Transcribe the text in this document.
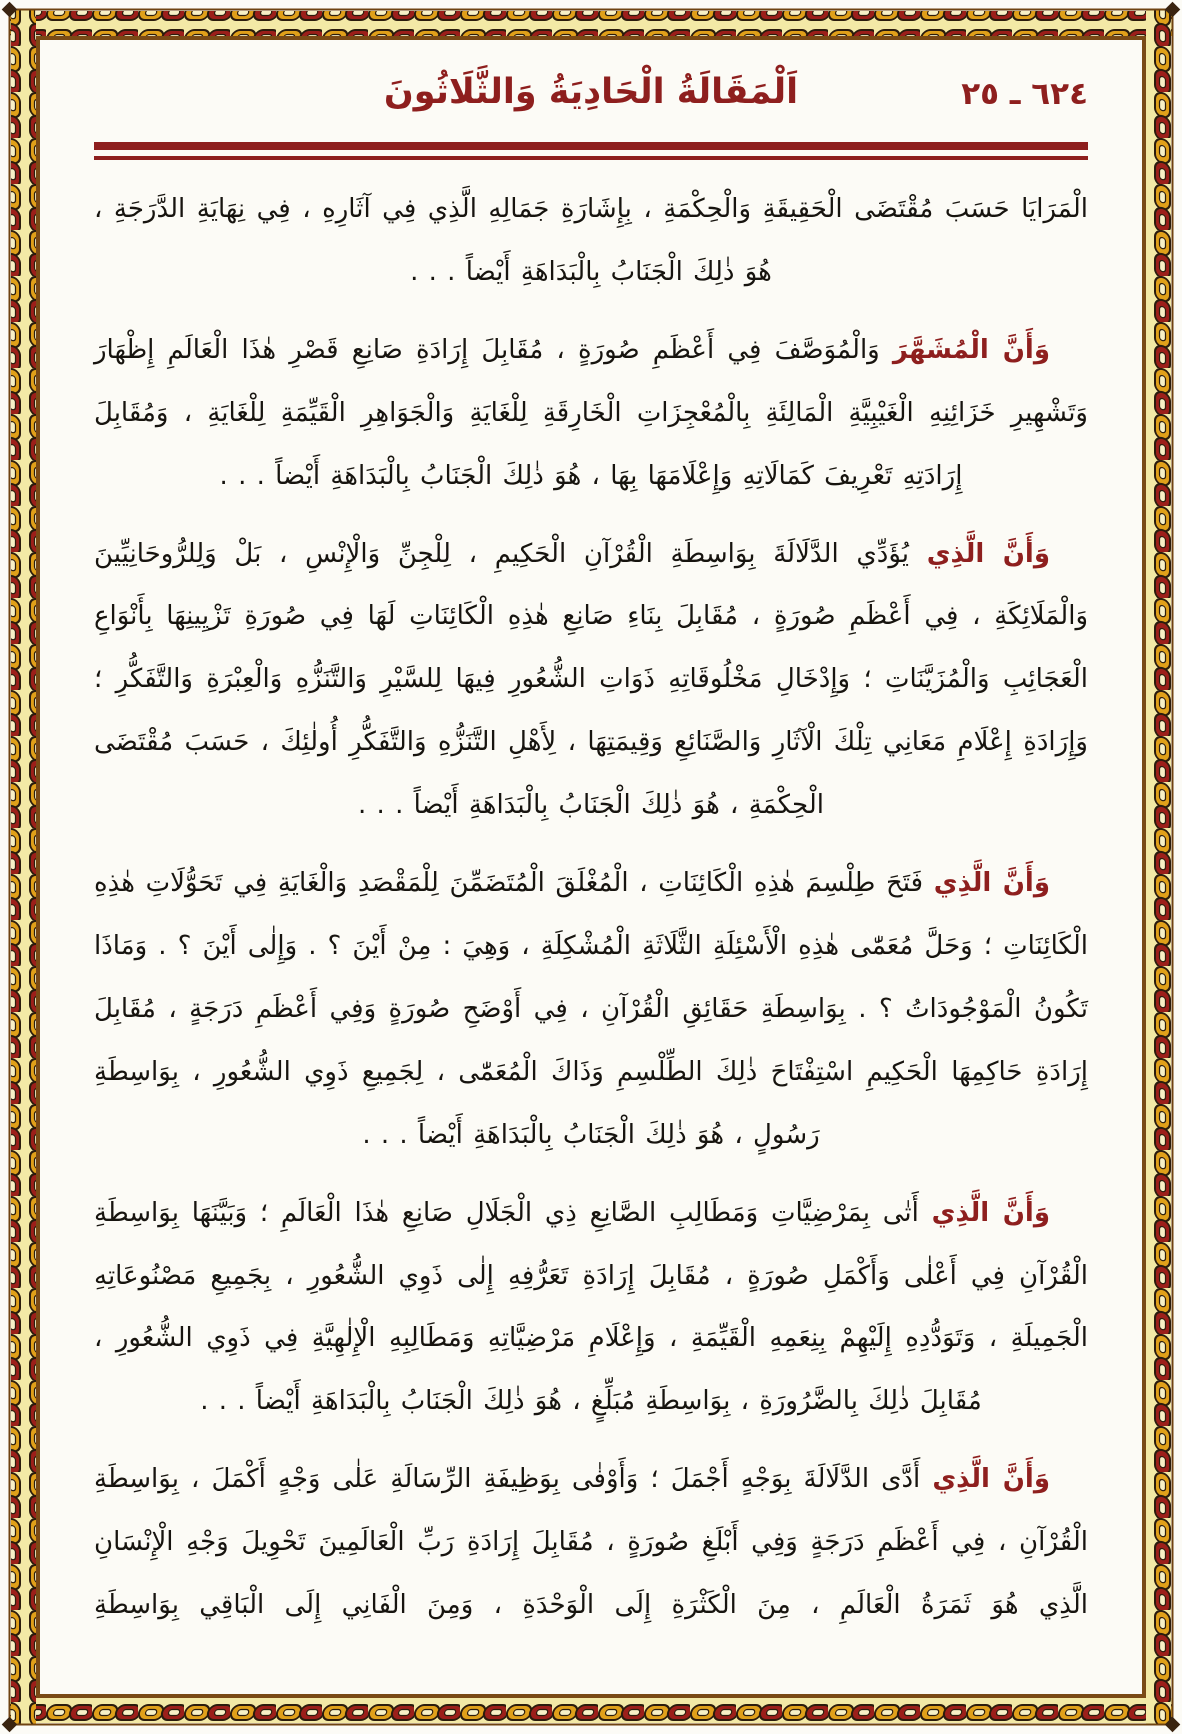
اَلْمَقَالَةُ الْحَادِيَةُ وَالثَّلَاثُونَ	٦٢٤ ـ ٢٥

الْمَرَايَا حَسَبَ مُقْتَضَى الْحَقِيقَةِ وَالْحِكْمَةِ ، بِإِشَارَةِ جَمَالِهِ الَّذِي فِي آثَارِهِ ، فِي نِهَايَةِ الدَّرَجَةِ ، هُوَ ذٰلِكَ الْجَنَابُ بِالْبَدَاهَةِ أَيْضاً . . .

وَأَنَّ الْمُشَهَّرَ وَالْمُوَصَّفَ فِي أَعْظَمِ صُورَةٍ ، مُقَابِلَ إِرَادَةِ صَانِعِ قَصْرِ هٰذَا الْعَالَمِ إِظْهَارَ وَتَشْهِيرِ خَزَائِنِهِ الْغَيْبِيَّةِ الْمَالِئَةِ بِالْمُعْجِزَاتِ الْخَارِقَةِ لِلْغَايَةِ وَالْجَوَاهِرِ الْقَيِّمَةِ لِلْغَايَةِ ، وَمُقَابِلَ إِرَادَتِهِ تَعْرِيفَ كَمَالَاتِهِ وَإِعْلَامَهَا بِهَا ، هُوَ ذٰلِكَ الْجَنَابُ بِالْبَدَاهَةِ أَيْضاً . . .

وَأَنَّ الَّذِي يُؤَدِّي الدَّلَالَةَ بِوَاسِطَةِ الْقُرْآنِ الْحَكِيمِ ، لِلْجِنِّ وَالْإِنْسِ ، بَلْ وَلِلرُّوحَانِيِّينَ وَالْمَلَائِكَةِ ، فِي أَعْظَمِ صُورَةٍ ، مُقَابِلَ بِنَاءِ صَانِعِ هٰذِهِ الْكَائِنَاتِ لَهَا فِي صُورَةِ تَزْيِينِهَا بِأَنْوَاعِ الْعَجَائِبِ وَالْمُزَيَّنَاتِ ؛ وَإِدْخَالِ مَخْلُوقَاتِهِ ذَوَاتِ الشُّعُورِ فِيهَا لِلسَّيْرِ وَالتَّنَزُّهِ وَالْعِبْرَةِ وَالتَّفَكُّرِ ؛ وَإِرَادَةِ إِعْلَامِ مَعَانِي تِلْكَ الْآثَارِ وَالصَّنَائِعِ وَقِيمَتِهَا ، لِأَهْلِ التَّنَزُّهِ وَالتَّفَكُّرِ أُولٰئِكَ ، حَسَبَ مُقْتَضَى الْحِكْمَةِ ، هُوَ ذٰلِكَ الْجَنَابُ بِالْبَدَاهَةِ أَيْضاً . . .

وَأَنَّ الَّذِي فَتَحَ طِلْسِمَ هٰذِهِ الْكَائِنَاتِ ، الْمُغْلَقَ الْمُتَضَمِّنَ لِلْمَقْصَدِ وَالْغَايَةِ فِي تَحَوُّلَاتِ هٰذِهِ الْكَائِنَاتِ ؛ وَحَلَّ مُعَمّٰى هٰذِهِ الْأَسْئِلَةِ الثَّلَاثَةِ الْمُشْكِلَةِ ، وَهِيَ : مِنْ أَيْنَ ؟ . وَإِلٰى أَيْنَ ؟ . وَمَاذَا تَكُونُ الْمَوْجُودَاتُ ؟ . بِوَاسِطَةِ حَقَائِقِ الْقُرْآنِ ، فِي أَوْضَحِ صُورَةٍ وَفِي أَعْظَمِ دَرَجَةٍ ، مُقَابِلَ إِرَادَةِ حَاكِمِهَا الْحَكِيمِ اسْتِفْتَاحَ ذٰلِكَ الطِّلْسِمِ وَذَاكَ الْمُعَمّٰى ، لِجَمِيعِ ذَوِي الشُّعُورِ ، بِوَاسِطَةِ رَسُولٍ ، هُوَ ذٰلِكَ الْجَنَابُ بِالْبَدَاهَةِ أَيْضاً . . .

وَأَنَّ الَّذِي أَتٰى بِمَرْضِيَّاتِ وَمَطَالِبِ الصَّانِعِ ذِي الْجَلَالِ صَانِعِ هٰذَا الْعَالَمِ ؛ وَبَيَّنَهَا بِوَاسِطَةِ الْقُرْآنِ فِي أَعْلٰى وَأَكْمَلِ صُورَةٍ ، مُقَابِلَ إِرَادَةِ تَعَرُّفِهِ إِلٰى ذَوِي الشُّعُورِ ، بِجَمِيعِ مَصْنُوعَاتِهِ الْجَمِيلَةِ ، وَتَوَدُّدِهِ إِلَيْهِمْ بِنِعَمِهِ الْقَيِّمَةِ ، وَإِعْلَامِ مَرْضِيَّاتِهِ وَمَطَالِبِهِ الْإِلٰهِيَّةِ فِي ذَوِي الشُّعُورِ ، مُقَابِلَ ذٰلِكَ بِالضَّرُورَةِ ، بِوَاسِطَةِ مُبَلِّغٍ ، هُوَ ذٰلِكَ الْجَنَابُ بِالْبَدَاهَةِ أَيْضاً . . .

وَأَنَّ الَّذِي أَدَّى الدَّلَالَةَ بِوَجْهٍ أَجْمَلَ ؛ وَأَوْفٰى بِوَظِيفَةِ الرِّسَالَةِ عَلٰى وَجْهٍ أَكْمَلَ ، بِوَاسِطَةِ الْقُرْآنِ ، فِي أَعْظَمِ دَرَجَةٍ وَفِي أَبْلَغِ صُورَةٍ ، مُقَابِلَ إِرَادَةِ رَبِّ الْعَالَمِينَ تَحْوِيلَ وَجْهِ الْإِنْسَانِ الَّذِي هُوَ ثَمَرَةُ الْعَالَمِ ، مِنَ الْكَثْرَةِ إِلَى الْوَحْدَةِ ، وَمِنَ الْفَانِي إِلَى الْبَاقِي بِوَاسِطَةِ
